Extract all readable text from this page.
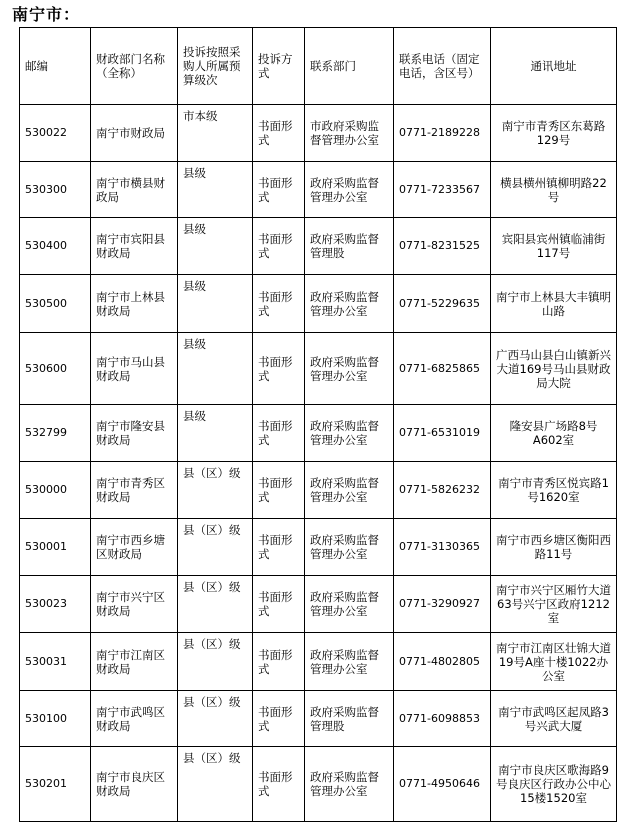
南宁市：
邮编	财政部门名称（全称）	投诉按照采购人所属预算级次	投诉方式	联系部门	联系电话（固定电话，含区号）	通讯地址
530022	南宁市财政局	市本级	书面形式	市政府采购监督管理办公室	0771-2189228	南宁市青秀区东葛路129号
530300	南宁市横县财政局	县级	书面形式	政府采购监督管理办公室	0771-7233567	横县横州镇柳明路22号
530400	南宁市宾阳县财政局	县级	书面形式	政府采购监督管理股	0771-8231525	宾阳县宾州镇临浦街117号
530500	南宁市上林县财政局	县级	书面形式	政府采购监督管理办公室	0771-5229635	南宁市上林县大丰镇明山路
530600	南宁市马山县财政局	县级	书面形式	政府采购监督管理办公室	0771-6825865	广西马山县白山镇新兴大道169号马山县财政局大院
532799	南宁市隆安县财政局	县级	书面形式	政府采购监督管理办公室	0771-6531019	隆安县广场路8号A602室
530000	南宁市青秀区财政局	县（区）级	书面形式	政府采购监督管理办公室	0771-5826232	南宁市青秀区悦宾路1号1620室
530001	南宁市西乡塘区财政局	县（区）级	书面形式	政府采购监督管理办公室	0771-3130365	南宁市西乡塘区衡阳西路11号
530023	南宁市兴宁区财政局	县（区）级	书面形式	政府采购监督管理办公室	0771-3290927	南宁市兴宁区厢竹大道63号兴宁区政府1212室
530031	南宁市江南区财政局	县（区）级	书面形式	政府采购监督管理办公室	0771-4802805	南宁市江南区壮锦大道19号A座十楼1022办公室
530100	南宁市武鸣区财政局	县（区）级	书面形式	政府采购监督管理股	0771-6098853	南宁市武鸣区起凤路3号兴武大厦
530201	南宁市良庆区财政局	县（区）级	书面形式	政府采购监督管理办公室	0771-4950646	南宁市良庆区歌海路9号良庆区行政办公中心15楼1520室
